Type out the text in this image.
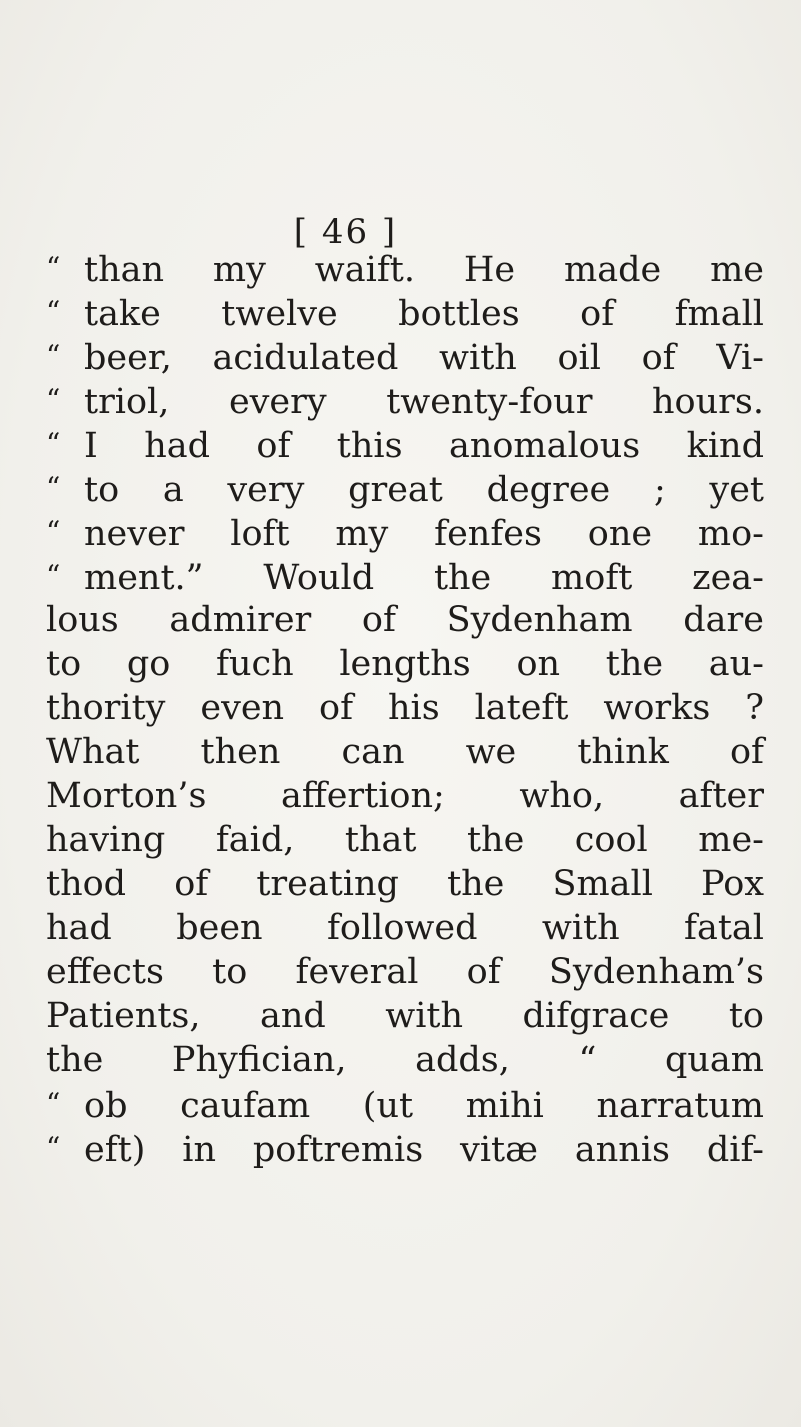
[ 46 ]
“ than my waift. He made me
“ take twelve bottles of fmall
“ beer, acidulated with oil of Vi-
“ triol, every twenty-four hours.
“ I had of this anomalous kind
“ to a very great degree ; yet
“ never loft my fenfes one mo-
“ ment.” Would the moft zea-
lous admirer of Sydenham dare
to go fuch lengths on the au-
thority even of his lateft works ?
What then can we think of
Morton’s affertion; who, after
having faid, that the cool me-
thod of treating the Small Pox
had been followed with fatal
effects to feveral of Sydenham’s
Patients, and with difgrace to
the Phyfician, adds, “ quam
“ ob caufam (ut mihi narratum
“ eft) in poftremis vitæ annis dif-
